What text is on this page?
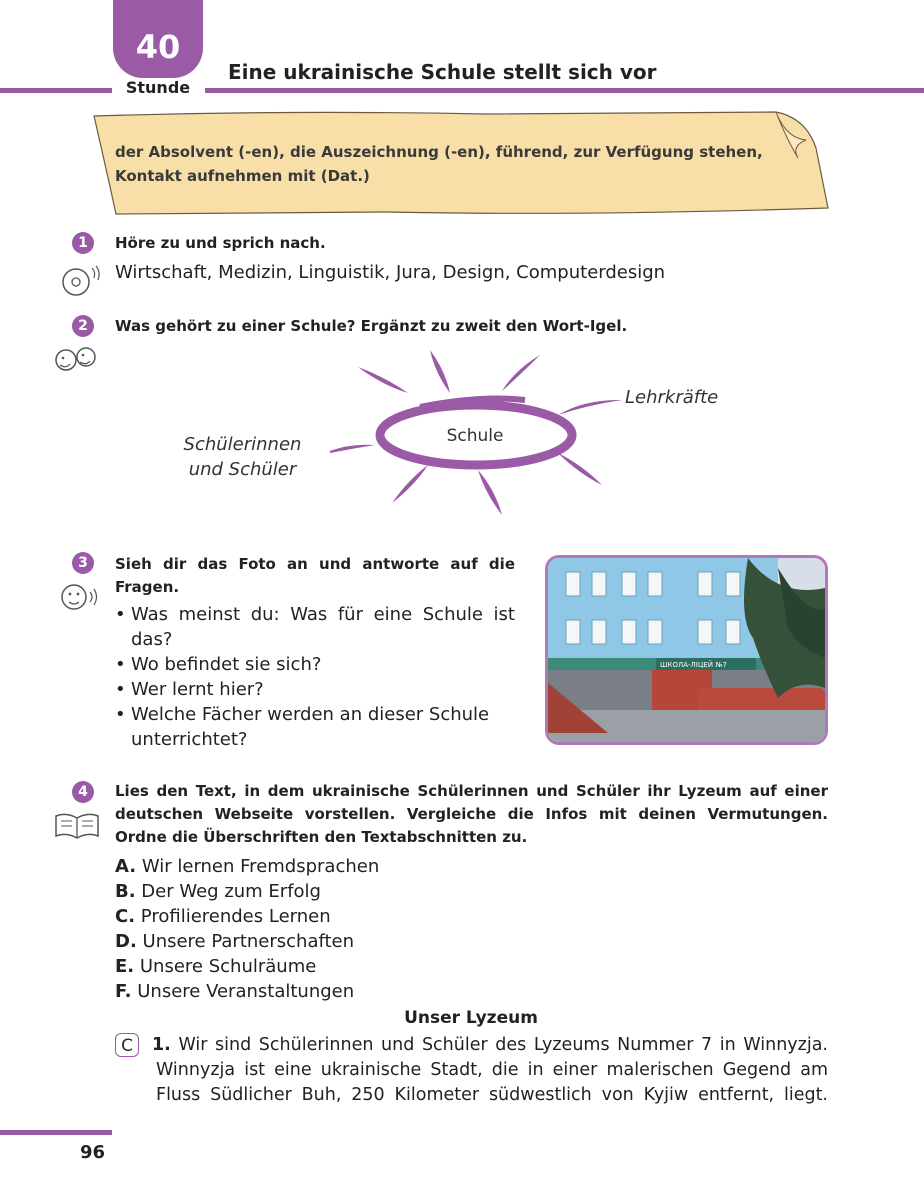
40
Stunde
Eine ukrainische Schule stellt sich vor
der Absolvent (-en), die Auszeichnung (-en), führend, zur Verfügung stehen,
Kontakt aufnehmen mit (Dat.)
1	Höre zu und sprich nach.
Wirtschaft, Medizin, Linguistik, Jura, Design, Computerdesign
2	Was gehört zu einer Schule? Ergänzt zu zweit den Wort-Igel.
Schule
Schülerinnen
und Schüler
Lehrkräfte
3	Sieh dir das Foto an und antworte auf die
Fragen.
• Was meinst du: Was für eine Schule ist das?
• Wo befindet sie sich?
• Wer lernt hier?
• Welche Fächer werden an dieser Schule unterrichtet?
ШКОЛА-ЛІЦЕЙ №7
4	Lies den Text, in dem ukrainische Schülerinnen und Schüler ihr Lyzeum auf einer deutschen Webseite vorstellen. Vergleiche die Infos mit deinen Vermutungen. Ordne die Überschriften den Textabschnitten zu.
A. Wir lernen Fremdsprachen
B. Der Weg zum Erfolg
C. Profilierendes Lernen
D. Unsere Partnerschaften
E. Unsere Schulräume
F. Unsere Veranstaltungen
Unser Lyzeum
C	1. Wir sind Schülerinnen und Schüler des Lyzeums Nummer 7 in Winnyzja.
Winnyzja ist eine ukrainische Stadt, die in einer malerischen Gegend am
Fluss Südlicher Buh, 250 Kilometer südwestlich von Kyjiw entfernt, liegt.
96
